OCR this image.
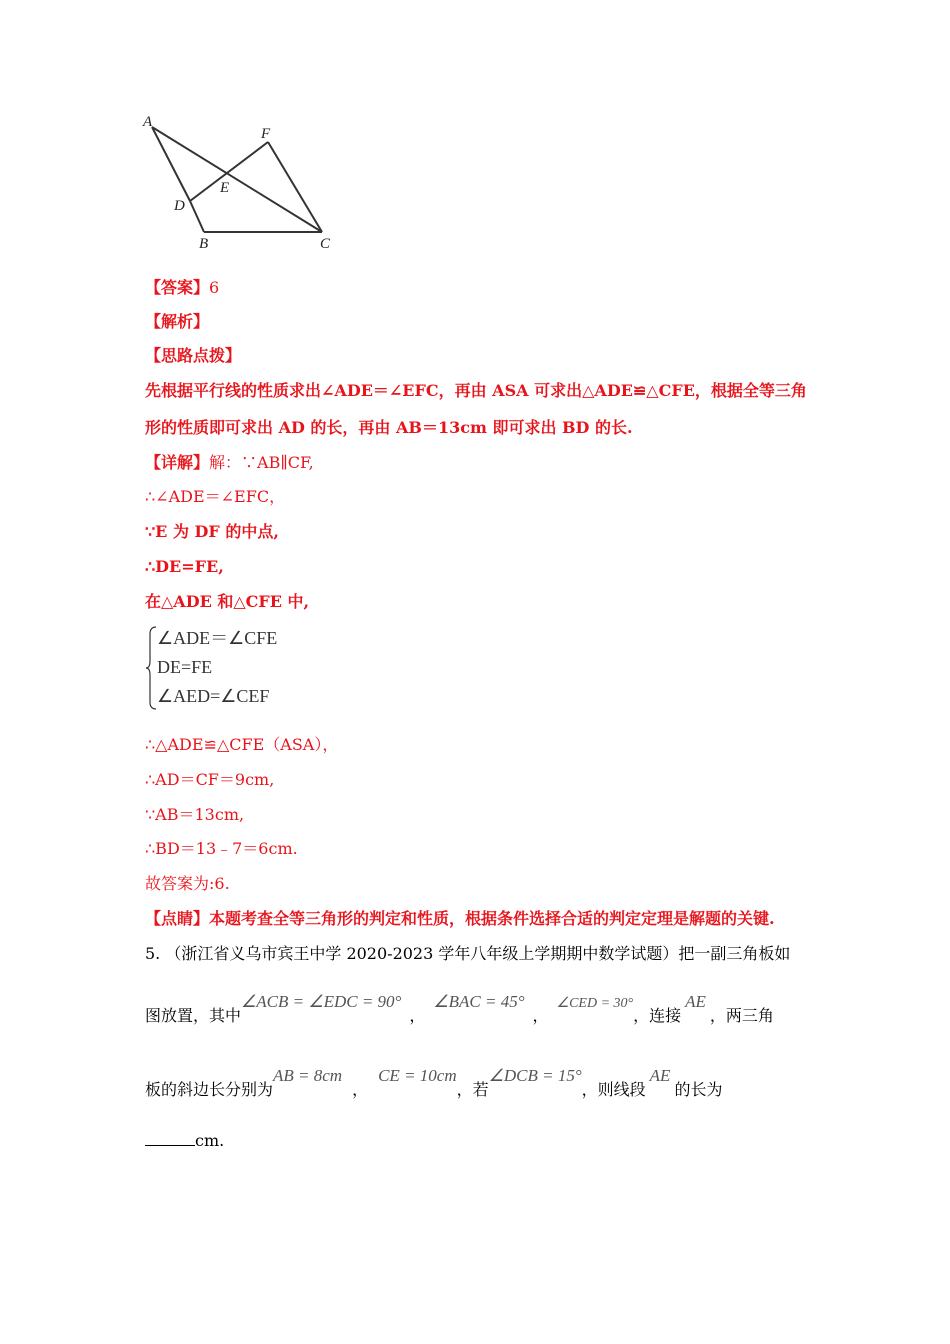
A
F
E
D
B	C
【答案】6
【解析】
【思路点拨】
先根据平行线的性质求出∠ADE＝∠EFC，再由 ASA 可求出△ADE≌△CFE，根据全等三角
形的性质即可求出 AD 的长，再由 AB＝13cm 即可求出 BD 的长.
【详解】解：∵AB∥CF,
∴∠ADE＝∠EFC，
∵E 为 DF 的中点,
∴DE=FE,
在△ADE 和△CFE 中,
∠ADE＝∠CFE
DE=FE
∠AED=∠CEF
∴△ADE≌△CFE（ASA），
∴AD＝CF＝9cm,
∵AB＝13cm,
∴BD＝13﹣7＝6cm.
故答案为:6.
【点睛】本题考查全等三角形的判定和性质，根据条件选择合适的判定定理是解题的关键.
5. （浙江省义乌市宾王中学 2020-2023 学年八年级上学期期中数学试题）把一副三角板如
图放置，其中∠ACB = ∠EDC = 90°，∠BAC = 45°，∠CED = 30°，连接AE，两三角
板的斜边长分别为AB = 8cm，CE = 10cm，若∠DCB = 15°，则线段AE的长为
cm.
